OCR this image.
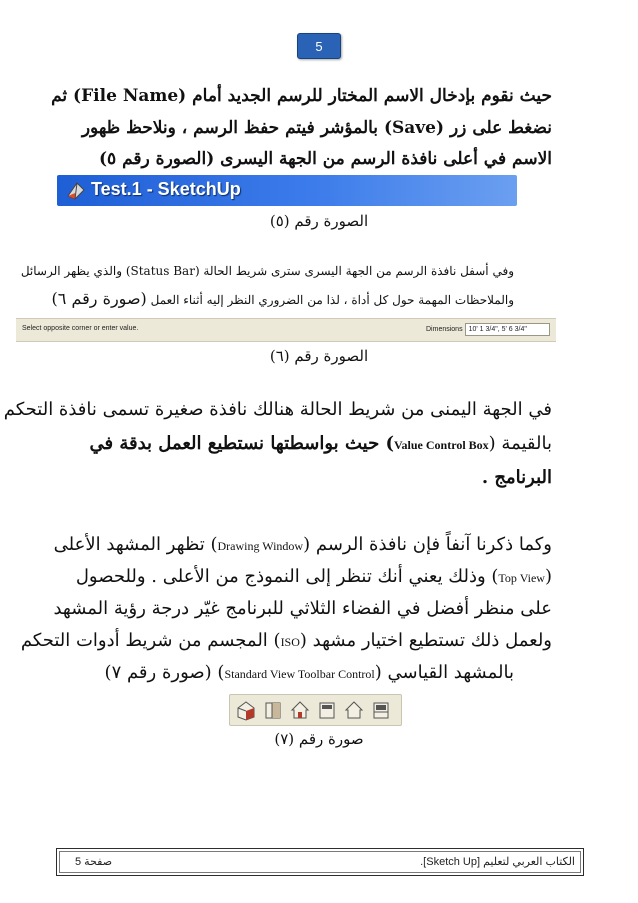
5
حيث نقوم بإدخال الاسم المختار للرسم الجديد أمام (File Name) ثم
نضغط على زر (Save) بالمؤشر فيتم حفظ الرسم ، ونلاحظ ظهور
الاسم في أعلى نافذة الرسم من الجهة اليسرى (الصورة رقم ٥)
Test.1 - SketchUp
الصورة رقم (٥)
وفي أسفل نافذة الرسم من الجهة اليسرى سترى شريط الحالة (Status Bar) والذي يظهر الرسائل
والملاحظات المهمة حول كل أداة ، لذا من الضروري النظر إليه أثناء العمل (صورة رقم ٦)
Select opposite corner or enter value.	Dimensions 10' 1 3/4", 5' 6 3/4"
الصورة رقم (٦)
في الجهة اليمنى من شريط الحالة هنالك نافذة صغيرة تسمى نافذة التحكم
بالقيمة (Value Control Box) حيث بواسطتها نستطيع العمل بدقة في
البرنامج .
وكما ذكرنا آنفاً فإن نافذة الرسم (Drawing Window) تظهر المشهد الأعلى
(Top View) وذلك يعني أنك تنظر إلى النموذج من الأعلى . وللحصول
على منظر أفضل في الفضاء الثلاثي للبرنامج غيّر درجة رؤية المشهد
ولعمل ذلك تستطيع اختيار مشهد (ISO) المجسم من شريط أدوات التحكم
بالمشهد القياسي (Standard View Toolbar Control) (صورة رقم ٧)
صورة رقم (٧)
الكتاب العربي لتعليم [Sketch Up].
صفحة 5
